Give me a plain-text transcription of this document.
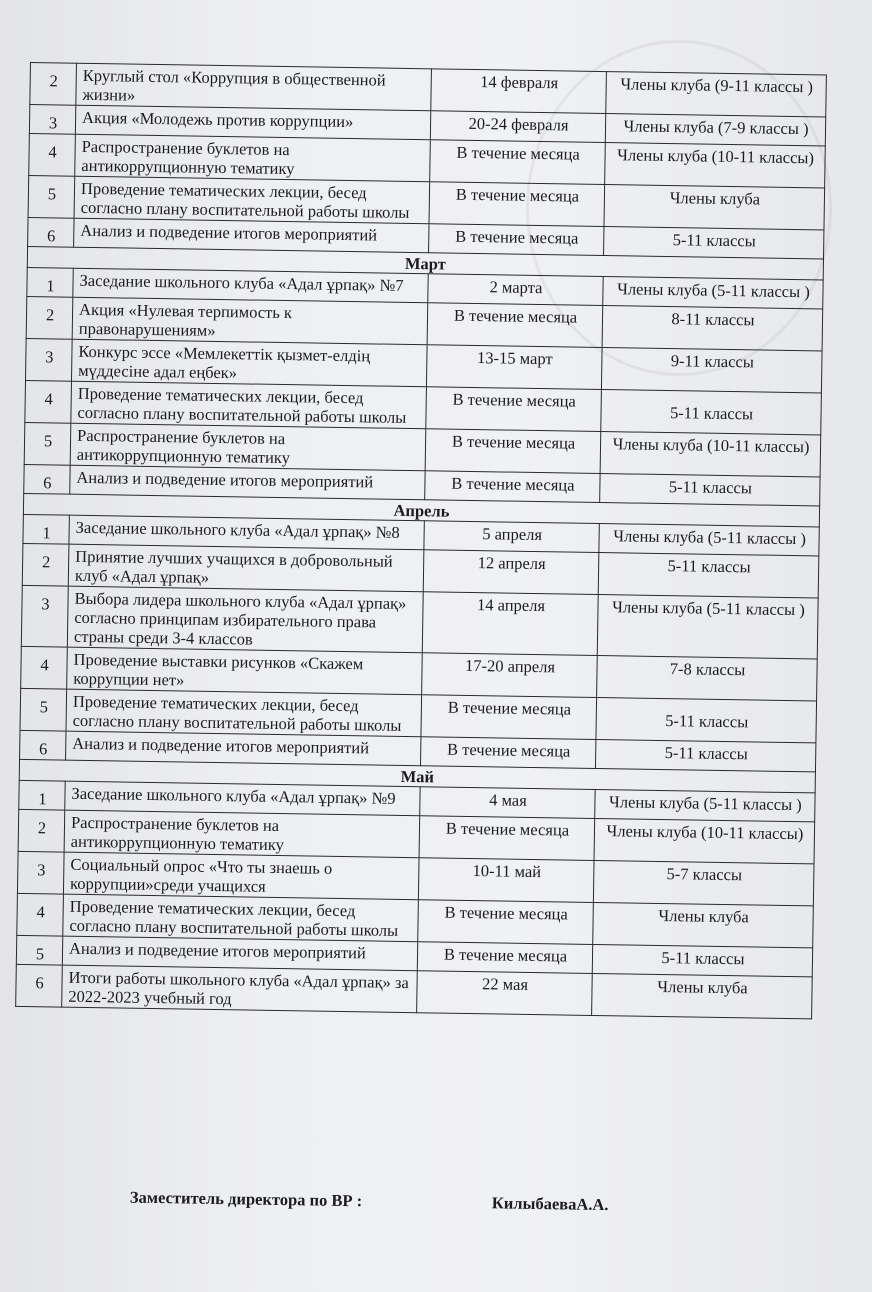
2	Круглый стол «Коррупция в общественной жизни»	14 февраля	Члены клуба (9-11 классы )
3	Акция «Молодежь против коррупции»	20-24 февраля	Члены клуба (7-9 классы )
4	Распространение буклетов на антикоррупционную тематику	В течение месяца	Члены клуба (10-11 классы)
5	Проведение тематических лекции, бесед согласно плану воспитательной работы школы	В течение месяца	Члены клуба
6	Анализ и подведение итогов мероприятий	В течение месяца	5-11 классы
Март			
1	Заседание школьного клуба «Адал ұрпақ» №7	2 марта	Члены клуба (5-11 классы )
2	Акция «Нулевая терпимость к правонарушениям»	В течение месяца	8-11 классы
3	Конкурс эссе «Мемлекеттік қызмет-елдің мүддесіне адал еңбек»	13-15 март	9-11 классы
4	Проведение тематических лекции, бесед согласно плану воспитательной работы школы	В течение месяца	5-11 классы
5	Распространение буклетов на антикоррупционную тематику	В течение месяца	Члены клуба (10-11 классы)
6	Анализ и подведение итогов мероприятий	В течение месяца	5-11 классы
Апрель			
1	Заседание школьного клуба «Адал ұрпақ» №8	5 апреля	Члены клуба (5-11 классы )
2	Принятие лучших учащихся в добровольный клуб «Адал ұрпақ»	12 апреля	5-11 классы
3	Выбора лидера школьного клуба «Адал ұрпақ» согласно принципам избирательного права страны среди 3-4 классов	14 апреля	Члены клуба (5-11 классы )
4	Проведение выставки рисунков «Скажем коррупции нет»	17-20 апреля	7-8 классы
5	Проведение тематических лекции, бесед согласно плану воспитательной работы школы	В течение месяца	5-11 классы
6	Анализ и подведение итогов мероприятий	В течение месяца	5-11 классы
Май			
1	Заседание школьного клуба «Адал ұрпақ» №9	4 мая	Члены клуба (5-11 классы )
2	Распространение буклетов на антикоррупционную тематику	В течение месяца	Члены клуба (10-11 классы)
3	Социальный опрос «Что ты знаешь о коррупции»среди учащихся	10-11 май	5-7 классы
4	Проведение тематических лекции, бесед согласно плану воспитательной работы школы	В течение месяца	Члены клуба
5	Анализ и подведение итогов мероприятий	В течение месяца	5-11 классы
6	Итоги работы школьного клуба «Адал ұрпақ» за 2022-2023 учебный год	22 мая	Члены клуба
Заместитель директора по ВР :	КилыбаеваА.А.
